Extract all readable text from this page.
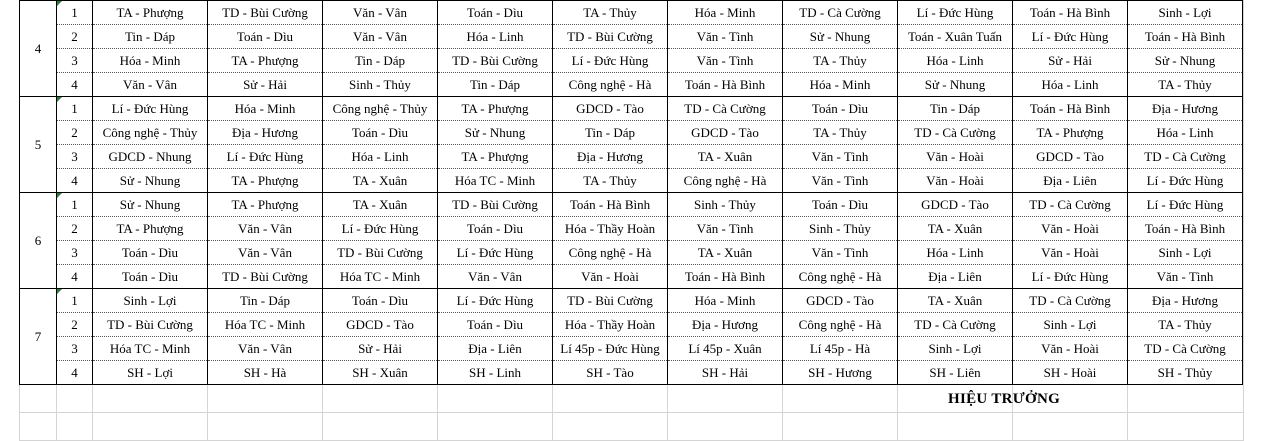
4	1	TA - Phượng	TD - Bùi Cường	Văn - Vân	Toán - Dìu	TA - Thủy	Hóa - Minh	TD - Cà Cường	Lí - Đức Hùng	Toán - Hà Bình	Sinh - Lợi
	2	Tin - Dáp	Toán - Dìu	Văn - Vân	Hóa - Linh	TD - Bùi Cường	Văn - Tình	Sử - Nhung	Toán - Xuân Tuấn	Lí - Đức Hùng	Toán - Hà Bình
	3	Hóa - Minh	TA - Phượng	Tin - Dáp	TD - Bùi Cường	Lí - Đức Hùng	Văn - Tình	TA - Thủy	Hóa - Linh	Sử - Hải	Sử - Nhung
	4	Văn - Vân	Sử - Hải	Sinh - Thủy	Tin - Dáp	Công nghệ - Hà	Toán - Hà Bình	Hóa - Minh	Sử - Nhung	Hóa - Linh	TA - Thủy
5	1	Lí - Đức Hùng	Hóa - Minh	Công nghệ - Thủy	TA - Phượng	GDCD - Tào	TD - Cà Cường	Toán - Dìu	Tin - Dáp	Toán - Hà Bình	Địa - Hương
	2	Công nghệ - Thủy	Địa - Hương	Toán - Dìu	Sử - Nhung	Tin - Dáp	GDCD - Tào	TA - Thủy	TD - Cà Cường	TA - Phượng	Hóa - Linh
	3	GDCD - Nhung	Lí - Đức Hùng	Hóa - Linh	TA - Phượng	Địa - Hương	TA - Xuân	Văn - Tình	Văn - Hoài	GDCD - Tào	TD - Cà Cường
	4	Sử - Nhung	TA - Phượng	TA - Xuân	Hóa TC - Minh	TA - Thủy	Công nghệ - Hà	Văn - Tình	Văn - Hoài	Địa - Liên	Lí - Đức Hùng
6	1	Sử - Nhung	TA - Phượng	TA - Xuân	TD - Bùi Cường	Toán - Hà Bình	Sinh - Thủy	Toán - Dìu	GDCD - Tào	TD - Cà Cường	Lí - Đức Hùng
	2	TA - Phượng	Văn - Vân	Lí - Đức Hùng	Toán - Dìu	Hóa - Thầy Hoàn	Văn - Tình	Sinh - Thủy	TA - Xuân	Văn - Hoài	Toán - Hà Bình
	3	Toán - Dìu	Văn - Vân	TD - Bùi Cường	Lí - Đức Hùng	Công nghệ - Hà	TA - Xuân	Văn - Tình	Hóa - Linh	Văn - Hoài	Sinh - Lợi
	4	Toán - Dìu	TD - Bùi Cường	Hóa TC - Minh	Văn - Vân	Văn - Hoài	Toán - Hà Bình	Công nghệ - Hà	Địa - Liên	Lí - Đức Hùng	Văn - Tình
7	1	Sinh - Lợi	Tin - Dáp	Toán - Dìu	Lí - Đức Hùng	TD - Bùi Cường	Hóa - Minh	GDCD - Tào	TA - Xuân	TD - Cà Cường	Địa - Hương
	2	TD - Bùi Cường	Hóa TC - Minh	GDCD - Tào	Toán - Dìu	Hóa - Thầy Hoàn	Địa - Hương	Công nghệ - Hà	TD - Cà Cường	Sinh - Lợi	TA - Thủy
	3	Hóa TC - Minh	Văn - Vân	Sử - Hải	Địa - Liên	Lí 45p - Đức Hùng	Lí 45p - Xuân	Lí 45p - Hà	Sinh - Lợi	Văn - Hoài	TD - Cà Cường
	4	SH - Lợi	SH - Hà	SH - Xuân	SH - Linh	SH - Tào	SH - Hải	SH - Hương	SH - Liên	SH - Hoài	SH - Thủy
HIỆU TRƯỞNG
